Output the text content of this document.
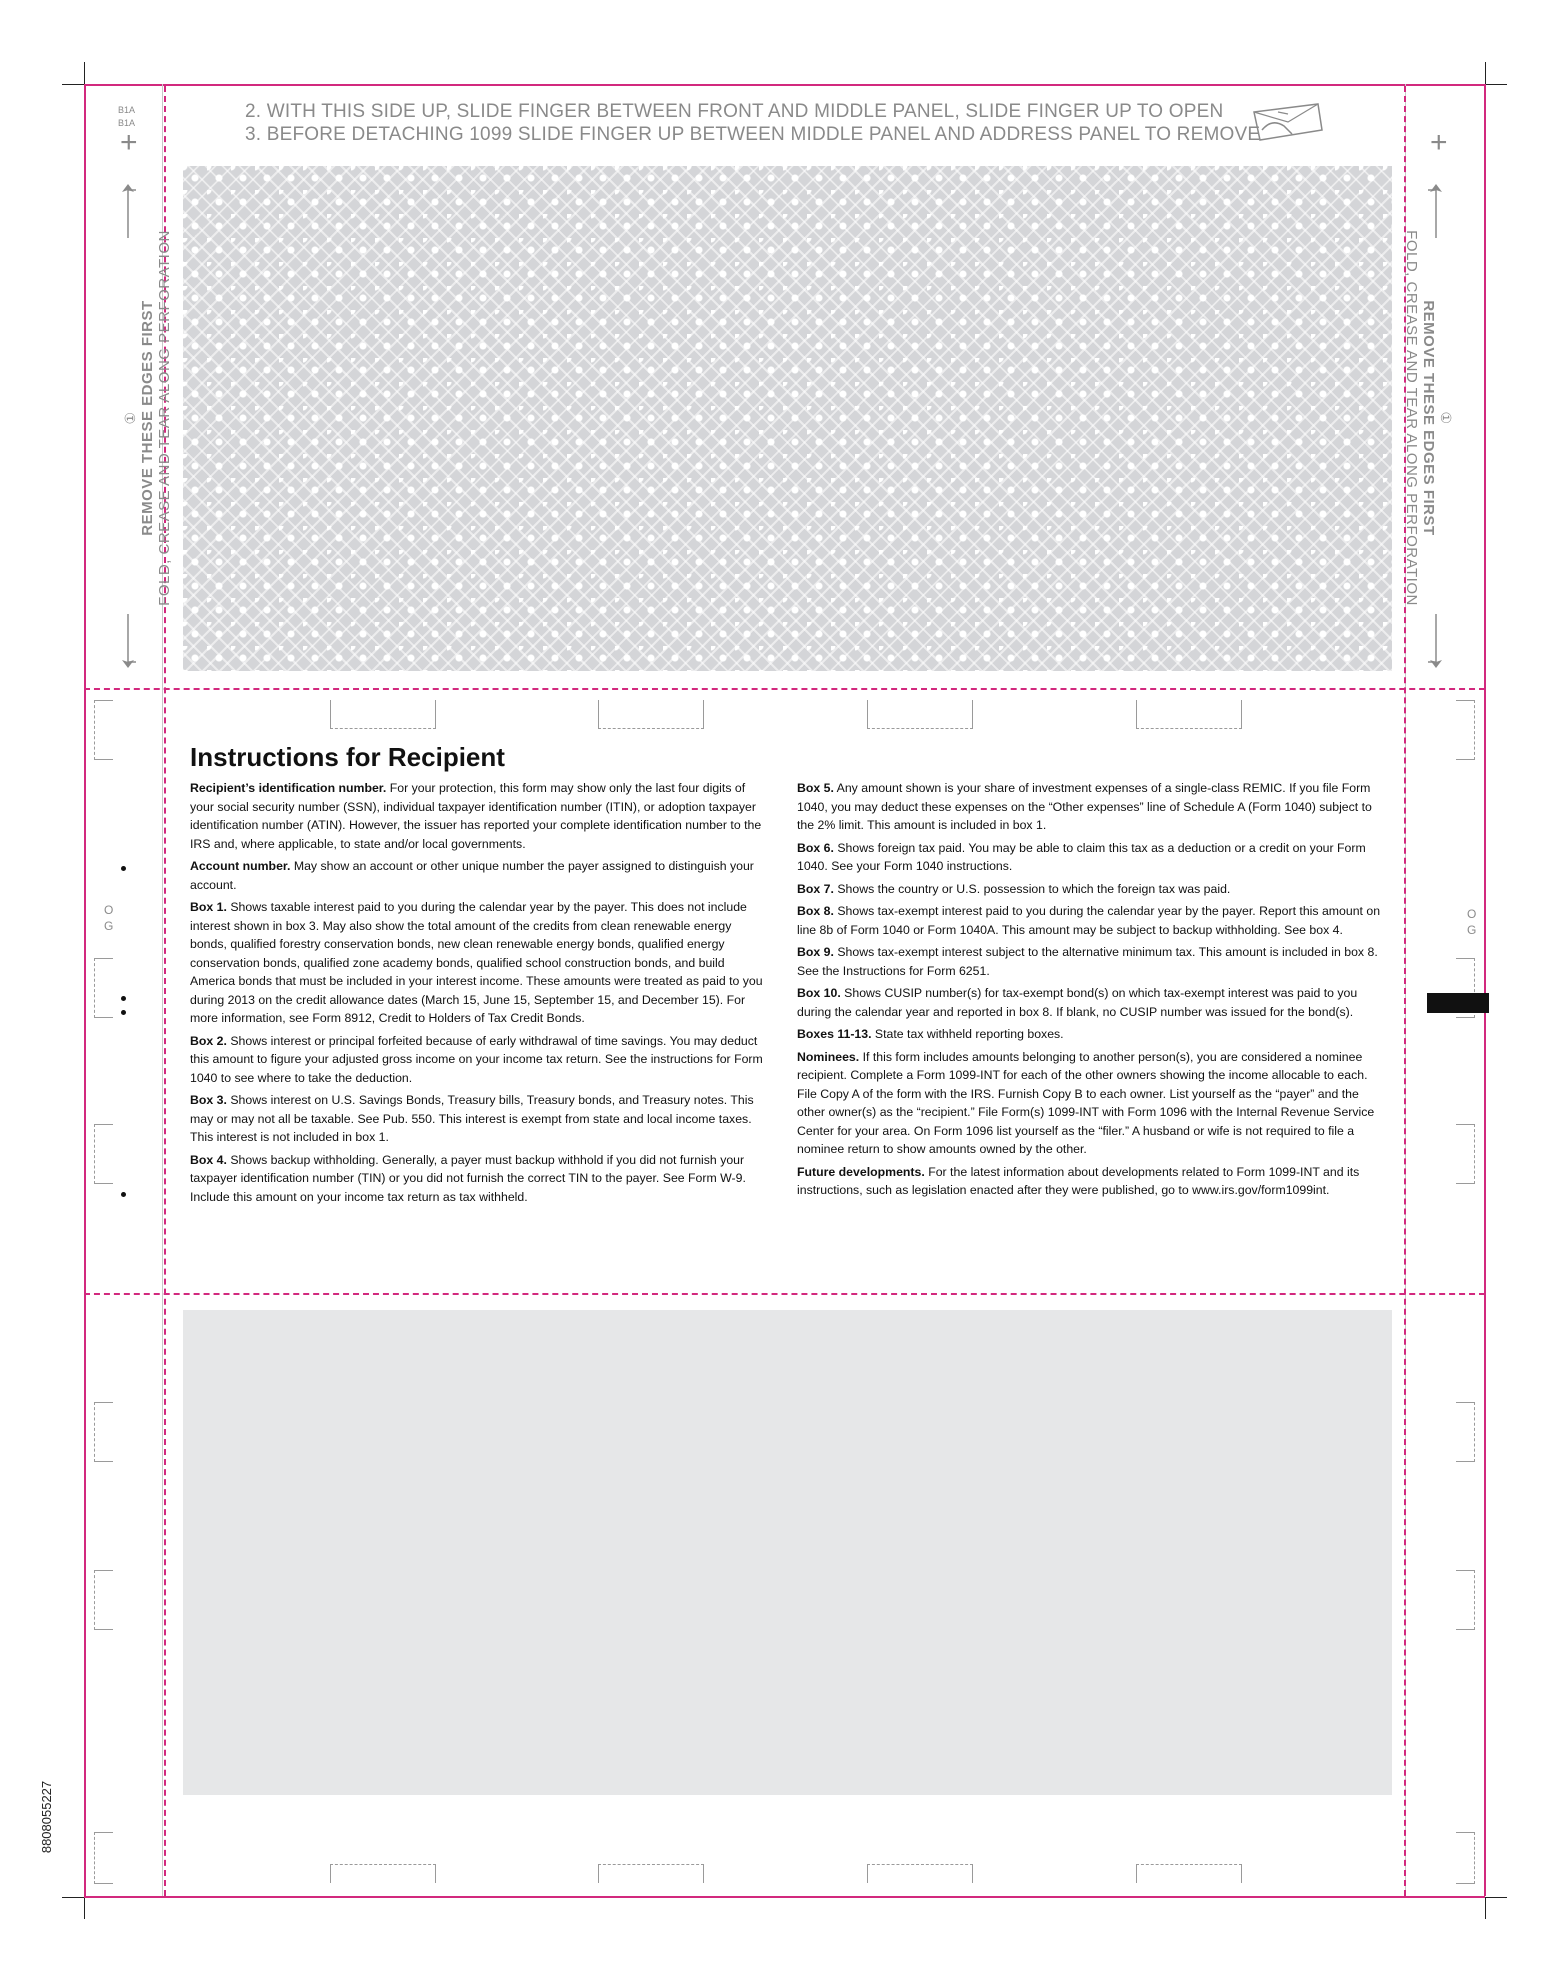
2. WITH THIS SIDE UP, SLIDE FINGER BETWEEN FRONT AND MIDDLE PANEL, SLIDE FINGER UP TO OPEN
3. BEFORE DETACHING 1099 SLIDE FINGER UP BETWEEN MIDDLE PANEL AND ADDRESS PANEL TO REMOVE
B1A
B1A
+	+
① REMOVE THESE EDGES FIRST FOLD, CREASE AND TEAR ALONG PERFORATION	①
REMOVE THESE EDGES FIRST
FOLD, CREASE AND TEAR ALONG PERFORATION
O
G
O
G
Instructions for Recipient

Recipient’s identification number. For your protection, this form may show only the last four digits of your social security number (SSN), individual taxpayer identification number (ITIN), or adoption taxpayer identification number (ATIN). However, the issuer has reported your complete identification number to the IRS and, where applicable, to state and/or local governments.

Account number. May show an account or other unique number the payer assigned to distinguish your account.

Box 1. Shows taxable interest paid to you during the calendar year by the payer. This does not include interest shown in box 3. May also show the total amount of the credits from clean renewable energy bonds, qualified forestry conservation bonds, new clean renewable energy bonds, qualified energy conservation bonds, qualified zone academy bonds, qualified school construction bonds, and build America bonds that must be included in your interest income. These amounts were treated as paid to you during 2013 on the credit allowance dates (March 15, June 15, September 15, and December 15). For more information, see Form 8912, Credit to Holders of Tax Credit Bonds.

Box 2. Shows interest or principal forfeited because of early withdrawal of time savings. You may deduct this amount to figure your adjusted gross income on your income tax return. See the instructions for Form 1040 to see where to take the deduction.

Box 3. Shows interest on U.S. Savings Bonds, Treasury bills, Treasury bonds, and Treasury notes. This may or may not all be taxable. See Pub. 550. This interest is exempt from state and local income taxes. This interest is not included in box 1.

Box 4. Shows backup withholding. Generally, a payer must backup withhold if you did not furnish your taxpayer identification number (TIN) or you did not furnish the correct TIN to the payer. See Form W-9. Include this amount on your income tax return as tax withheld.

Box 5. Any amount shown is your share of investment expenses of a single-class REMIC. If you file Form 1040, you may deduct these expenses on the “Other expenses” line of Schedule A (Form 1040) subject to the 2% limit. This amount is included in box 1.

Box 6. Shows foreign tax paid. You may be able to claim this tax as a deduction or a credit on your Form 1040. See your Form 1040 instructions.

Box 7. Shows the country or U.S. possession to which the foreign tax was paid.

Box 8. Shows tax-exempt interest paid to you during the calendar year by the payer. Report this amount on line 8b of Form 1040 or Form 1040A. This amount may be subject to backup withholding. See box 4.

Box 9. Shows tax-exempt interest subject to the alternative minimum tax. This amount is included in box 8. See the Instructions for Form 6251.

Box 10. Shows CUSIP number(s) for tax-exempt bond(s) on which tax-exempt interest was paid to you during the calendar year and reported in box 8. If blank, no CUSIP number was issued for the bond(s).

Boxes 11-13. State tax withheld reporting boxes.

Nominees. If this form includes amounts belonging to another person(s), you are considered a nominee recipient. Complete a Form 1099-INT for each of the other owners showing the income allocable to each. File Copy A of the form with the IRS. Furnish Copy B to each owner. List yourself as the “payer” and the other owner(s) as the “recipient.” File Form(s) 1099-INT with Form 1096 with the Internal Revenue Service Center for your area. On Form 1096 list yourself as the “filer.” A husband or wife is not required to file a nominee return to show amounts owned by the other.

Future developments. For the latest information about developments related to Form 1099-INT and its instructions, such as legislation enacted after they were published, go to www.irs.gov/form1099int.

8808055227
